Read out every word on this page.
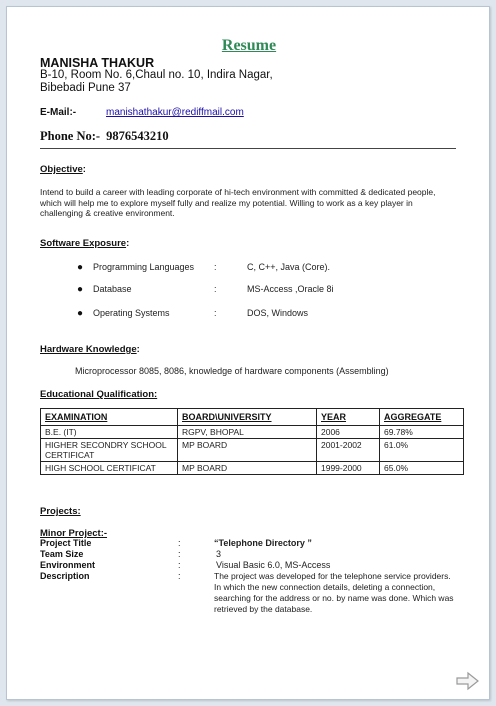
Resume
MANISHA THAKUR
B-10, Room No. 6,Chaul no. 10, Indira Nagar,
Bibebadi Pune 37
E-Mail:-	manishathakur@rediffmail.com
Phone No:- 9876543210
Objective:
Intend to build a career with leading corporate of hi-tech environment with committed & dedicated people, which will help me to explore myself fully and realize my potential. Willing to work as a key player in challenging & creative environment.
Software Exposure:
● Programming Languages :	C, C++, Java (Core).
● Database	:	MS-Access ,Oracle 8i
● Operating Systems	:	DOS, Windows
Hardware Knowledge:
Microprocessor 8085, 8086, knowledge of hardware components (Assembling)
Educational Qualification:
EXAMINATION	BOARD\UNIVERSITY	YEAR	AGGREGATE
B.E. (IT)	RGPV, BHOPAL	2006	69.78%
HIGHER SECONDRY SCHOOL CERTIFICAT	MP BOARD	2001-2002	61.0%
HIGH SCHOOL CERTIFICAT	MP BOARD	1999-2000	65.0%
Projects:
Minor Project:-
Project Title	:	“Telephone Directory ”
Team Size	:	3
Environment	:	Visual Basic 6.0, MS-Access
Description	:	The project was developed for the telephone service providers. In which the new connection details, deleting a connection, searching for the address or no. by name was done. Which was retrieved by the database.
